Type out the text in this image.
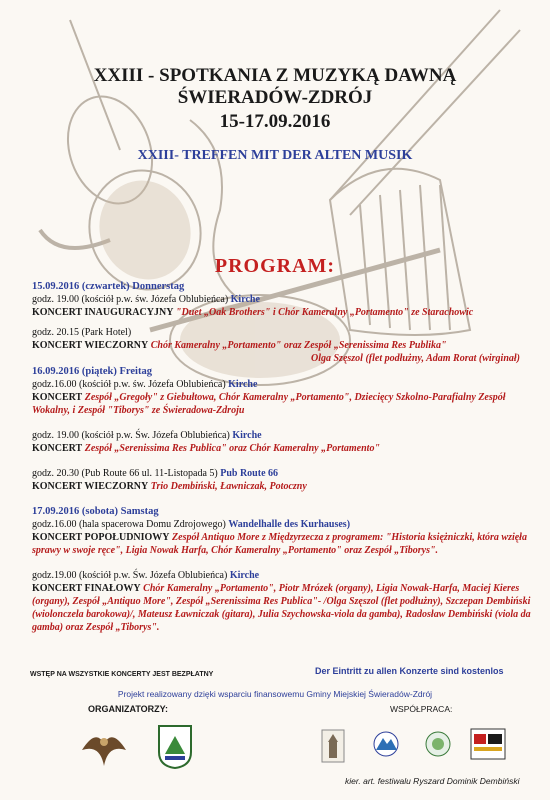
XXIII - SPOTKANIA Z MUZYKĄ DAWNĄ
ŚWIERADÓW-ZDRÓJ
15-17.09.2016
XXIII- TREFFEN MIT DER ALTEN MUSIK
PROGRAM:
15.09.2016 (czwartek) Donnerstag
godz. 19.00 (kościół p.w. św. Józefa Oblubieńca) Kirche
KONCERT INAUGURACYJNY "Duet „Oak Brothers" i Chór Kameralny „Portamento" ze Starachowic
godz. 20.15 (Park Hotel)
KONCERT WIECZORNY Chór Kameralny „Portamento" oraz Zespół „Serenissima Res Publika"
Olga Szęszol (flet podłużny, Adam Rorat (wirginał)
16.09.2016 (piątek) Freitag
godz.16.00 (kościół p.w. św. Józefa Oblubieńca) Kirche
KONCERT Zespół „Gregoły" z Giebułtowa, Chór Kameralny „Portamento", Dziecięcy Szkolno-Parafialny Zespół Wokalny, i Zespół "Tiborys" ze Świeradowa-Zdroju
godz. 19.00 (kościół p.w. Św. Józefa Oblubieńca) Kirche
KONCERT Zespół „Serenissima Res Publica" oraz Chór Kameralny „Portamento"
godz. 20.30 (Pub Route 66 ul. 11-Listopada 5) Pub Route 66
KONCERT WIECZORNY Trio Dembiński, Ławniczak, Potoczny
17.09.2016 (sobota) Samstag
godz.16.00 (hala spacerowa Domu Zdrojowego) Wandelhalle des Kurhauses)
KONCERT POPOŁUDNIOWY Zespół Antiquo More z Międzyrzecza z programem: "Historia księżniczki, która wzięła sprawy w swoje ręce", Ligia Nowak Harfa, Chór Kameralny „Portamento" oraz Zespół „Tiborys".
godz.19.00 (kościół p.w. Św. Józefa Oblubieńca) Kirche
KONCERT FINAŁOWY Chór Kameralny „Portamento", Piotr Mrózek (organy), Ligia Nowak-Harfa, Maciej Kieres (organy), Zespół „Antiquo More", Zespół „Serenissima Res Publica"- /Olga Szęszol (flet podłużny), Szczepan Dembiński (wiolonczela barokowa)/, Mateusz Ławniczak (gitara), Julia Szychowska-viola da gamba), Radosław Dembiński (viola da gamba) oraz Zespół „Tiborys".
WSTĘP NA WSZYSTKIE KONCERTY JEST BEZPŁATNY	Der Eintritt zu allen Konzerte sind kostenlos
Projekt realizowany dzięki wsparciu finansowemu Gminy Miejskiej Świeradów-Zdrój
ORGANIZATORZY:	WSPÓŁPRACA:
kier. art. festiwalu Ryszard Dominik Dembiński
